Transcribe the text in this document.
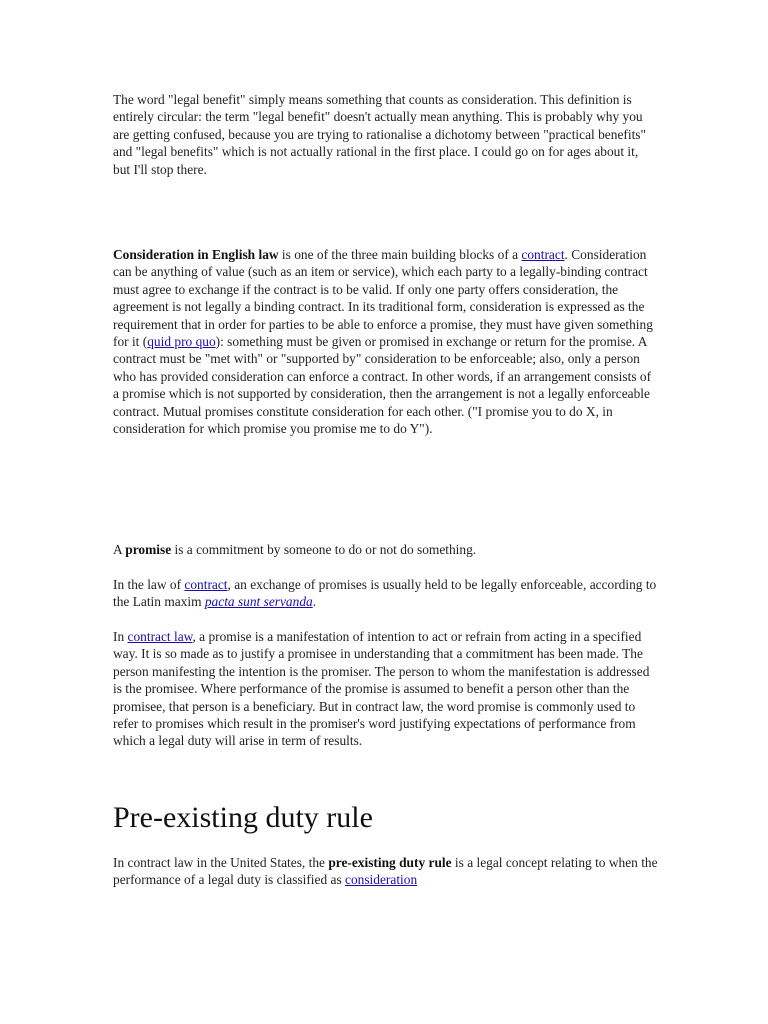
The word "legal benefit" simply means something that counts as consideration. This definition is entirely circular: the term "legal benefit" doesn't actually mean anything. This is probably why you are getting confused, because you are trying to rationalise a dichotomy between "practical benefits" and "legal benefits" which is not actually rational in the first place. I could go on for ages about it, but I'll stop there.

Consideration in English law is one of the three main building blocks of a contract. Consideration can be anything of value (such as an item or service), which each party to a legally-binding contract must agree to exchange if the contract is to be valid. If only one party offers consideration, the agreement is not legally a binding contract. In its traditional form, consideration is expressed as the requirement that in order for parties to be able to enforce a promise, they must have given something for it (quid pro quo): something must be given or promised in exchange or return for the promise. A contract must be "met with" or "supported by" consideration to be enforceable; also, only a person who has provided consideration can enforce a contract. In other words, if an arrangement consists of a promise which is not supported by consideration, then the arrangement is not a legally enforceable contract. Mutual promises constitute consideration for each other. ("I promise you to do X, in consideration for which promise you promise me to do Y").

A promise is a commitment by someone to do or not do something.

In the law of contract, an exchange of promises is usually held to be legally enforceable, according to the Latin maxim pacta sunt servanda.

In contract law, a promise is a manifestation of intention to act or refrain from acting in a specified way. It is so made as to justify a promisee in understanding that a commitment has been made. The person manifesting the intention is the promiser. The person to whom the manifestation is addressed is the promisee. Where performance of the promise is assumed to benefit a person other than the promisee, that person is a beneficiary. But in contract law, the word promise is commonly used to refer to promises which result in the promiser's word justifying expectations of performance from which a legal duty will arise in term of results.

Pre-existing duty rule

In contract law in the United States, the pre-existing duty rule is a legal concept relating to when the performance of a legal duty is classified as consideration
